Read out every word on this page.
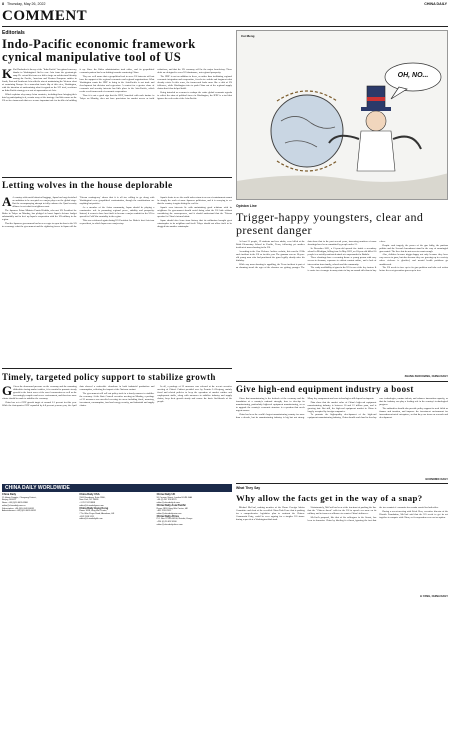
8 Thursday, May 26, 2022	CHINA DAILY
COMMENT
Editorials
Indo-Pacific economic framework cynical manipulative tool of US

K Kai Hacksdeen's theory of the "Indo-Pacific" has gained currency thanks to Washington's bid to ease Asia from the geostrategic map. He extend his term as a bid to forge an architectural identity among the Pacific, American and Western European entities in South, East and Southeast Asia with the aim of maintaining the Western clout of containing Europe. In a somewhat ironic flip of this view, Washington, with the intention of undermining what it regards as the US' rival, envisions an Indo-Pacific strategy as a sort of supra-nation of Asia.

Which explains why many Asian countries, including those bringing their hats by participating in it, remain wary of the strategy. And this comes as the US seeks a framework that sees a more important role for its allies in building it up. Since the Biden administration took office, and its geopolitical economic pattern has been shifting towards countering China.

They are well aware that a geopolitical tool to serve US interests will not have the support of the regional economies and regional organizations. What Washington wants the IPEF to bring to the Asia-Pacific is not trade and development but division and regression. A contest for a greater share of economic and security interests has little place in the Asia-Pacific, which needs a real framework of economic cooperation.

Thus it is not a good sign that the IPEF, launched with such fanfare in Tokyo on Monday, does not have provisions for market access or tariff reductions, and that the US economy will be the major beneficiary. These deals are designed to serve US dominance, not regional prosperity.

The IPEF is not an addition to these, as rather than facilitating regional economic integration and cooperation, it seeks to exclude and fragment what already exists. In this sense, the framework looks more like a club of US followers, while Washington tries to push China out of the regional supply chains that it has helped build.

Being intended as a means to reshape the entire global economic agenda to reflect the aims of political forces in Washington, the IPEF is a tool that ignores the real needs of the Asia-Pacific.

Cui Meng
OH, NO...
Opinion Line
Trigger-happy youngsters, clear and present danger

At least 21 people, 19 students and two adults, were killed at the Robb Elementary School in Uvalde, Texas, following yet another incident of mass shooting in the US.

According to the Gun Violence Archive website, this was the 212th such incident in the US so far this year. The gunman was an 18-year-old young man who had purchased the guns legally shortly after his birthday.

While any mass shooting is appalling, the Texas incident is part of an alarming trend: the ages of the shooters are getting younger. The data show that in the past several years, increasing numbers of mass shootings have been committed by people under 21.

In December 2021, a 15-year-old opened fire inside a secondary school in Michigan, killing four. In May 2022, an 18-year-old killed 10 people in a racially motivated attack at a supermarket in Buffalo.

These shootings have a recurring theme: a young person with easy access to firearms, exposure to violent content online, and a lack of intervention from family, schools and the community.

The ready availability of guns in the US is one of the key factors. It is easier for a teenager in many states to buy an assault rifle than to buy a beer.

Despite each tragedy, the power of the gun lobby, the partisan politics and the Second Amendment stand in the way of meaningful gun control. The lives lost do not seem to count enough.

Also, children become trigger-happy not only because they have easy access to guns, but also because they are growing up in a society where violence is glorified, and mental health problems go unaddressed.

The US needs to face up to its gun problem and take real action before the next generation grows up in fear.

ZHANG ZHOUXIANG, CHINA DAILY
Letting wolves in the house deplorable

A A country with much historical baggage, Japan has long cherished an ambition to be accepted as a major player on the global stage. But the accompanying attempt to fully embrace the Quad security alliance is not what its neighbors want.

The Japanese Prime Minister Fumio Kishida, who met US President Joe Biden in Tokyo on Monday, has pledged to boost Japan's defense budget substantially and to beef up Japan's cooperation with the US military in the region.

That the Japanese government has been so eager to open its door to the US to encourage what the government and the rightwing forces in Japan call the 'Taiwan contingency' shows that it is all too willing to go along with Washington's new geopolitical confrontation, though the ramifications are anything but positive.

As a member of the Asian community, Japan should be playing a constructive role in promoting regional peace, stability and prosperity. Instead, it seems to have bent itself to become a major conduit for the US to spread its Cold War mentality in the region.

This was evidenced again during US President Joe Biden's first Asia tour as president, to which Japan was a major stop.

Japan's desire to see the world order return to an era of containment cannot be simply the work of some Japanese politicians, and it is worrying to see that the country is again letting the wolf in.

Japan's own interests lie with maintaining good relations with its neighbors. Its government should avoid doing what the US bids without considering the consequences, and it should understand that the 'Taiwan question' is China's internal affair.

Japan should also learn from history that its militarism brought great catastrophes to its neighbors and itself. Tokyo should not allow itself to be dragged into another catastrophe.

Timely, targeted policy support to stabilize growth

G Given the downward pressure on the economy and the mounting difficulties facing market entities, it is essential to promote steady growth in the latest wave of the novel coronavirus as well as the increasingly complex and severe environment, and therefore more efforts should be made to stabilize the economy.

China has set a GDP growth target of around 5.5 percent for this year. While the first-quarter GDP expanded by 4.8 percent year-on-year, the April data showed a noticeable slowdown in both industrial production and consumption, reflecting the impact of the Omicron variant.

The government will roll out policy tools in a timely manner to stabilize the economy. At the State Council executive meeting on Monday, a package of 33 measures was unveiled covering six areas including fiscal, monetary, investment, consumption, food and energy security, and industrial and supply chains.

In all, a package of 33 measures was released at the recent executive meeting of China's Cabinet presided over by Premier Li Keqiang, mainly fiscal and related policies to keep the operation of market entities and employment stable, along with measures to stabilize industry and supply chains, keep their growth steady and ensure the basic livelihoods of the people.

Give high-end equipment industry a boost

Given that manufacturing is the bedrock of the economy and the foundation of a country's national strength, how to develop its manufacturing, particularly high-end equipment manufacturing, so as to upgrade the country's economic structure is a question that needs urgent answer.

China has been the world's largest manufacturing country for more than a decade, but its manufacturing industry is big but not strong. Many key components and core technologies still depend on imports.

Data show that the market value of China's high-end equipment manufacturing industry is between 10 and 12 trillion yuan, and is growing fast. But still, the high-end equipment market in China is largely occupied by foreign companies.

To promote the high-quality development of the high-end equipment manufacturing industry, China should work hard to develop core technologies, nurture talents, and enhance innovation capacity, so that the industry can play a leading role in the country's technological progress.

The authorities should also provide policy support in such fields as finance and taxation, and improve the investment environment for innovation-oriented enterprises, so that they can focus on research and development.

ECONOMIC DAILY
What They Say
Why allow the facts get in the way of a snap?

Michael McCaul, ranking member of the House Foreign Affairs Committee and chair of the so-called China Task Force that is pushing for a comprehensive legislative plan to confront the Chinese Communist Party, could be seen arguing for a tougher US stance during a speech at a Washington think tank.

Unfortunately, McCaul has been at the forefront of pushing the line that the "Chinese threat" calls for the US to spend ever more on its military and to form new alliances to counter China's influence.

McCaul's proposal, like that of his colleagues in the Senate, has been to demonize China by labeling it a threat, ignoring the fact that the two countries' economic ties remain crucial for both sides.

During a recent meeting with Erich Hess, executive director of the Hinrich Foundation, McCaul said that the US needs to get its act together to compete with China, as if cooperation were not an option.

LI YANG, CHINA DAILY
CHINA DAILY WORLDWIDE
China Daily
15 Huixin Dongjie, Chaoyang District,
Beijing 100029
News: +86 (0)10 6491-8366
editor@chinadaily.com.cn
Subscription: +86 (0)10 6491-8631
Advertisement: +86 (0)10 6491-8631
China Daily USA
1500 Broadway, Suite 2800,
New York, NY 10036
+1 212 537 8888
editor@chinadailyusa.com
China Daily Hong Kong
Room 1818, Hing Wai Centre,
7 Tin Wan Praya Road, Aberdeen, HK
+852 2518 5111
editor@chinadailyhk.com
China Daily UK
90 Cannon Street, London EC4N 6HA
+44 (0) 207 398 8270
editor@chinadailyuk.com
China Daily Asia Pacific
Room 1818, Hing Wai Centre, HK
+852 2518 5111
editor@chinadailyasia.com
China Daily Africa
P.O. Box 27281-00100, Nairobi, Kenya
+254 (0) 20 692 0900
editor@chinadailyafrica.com
